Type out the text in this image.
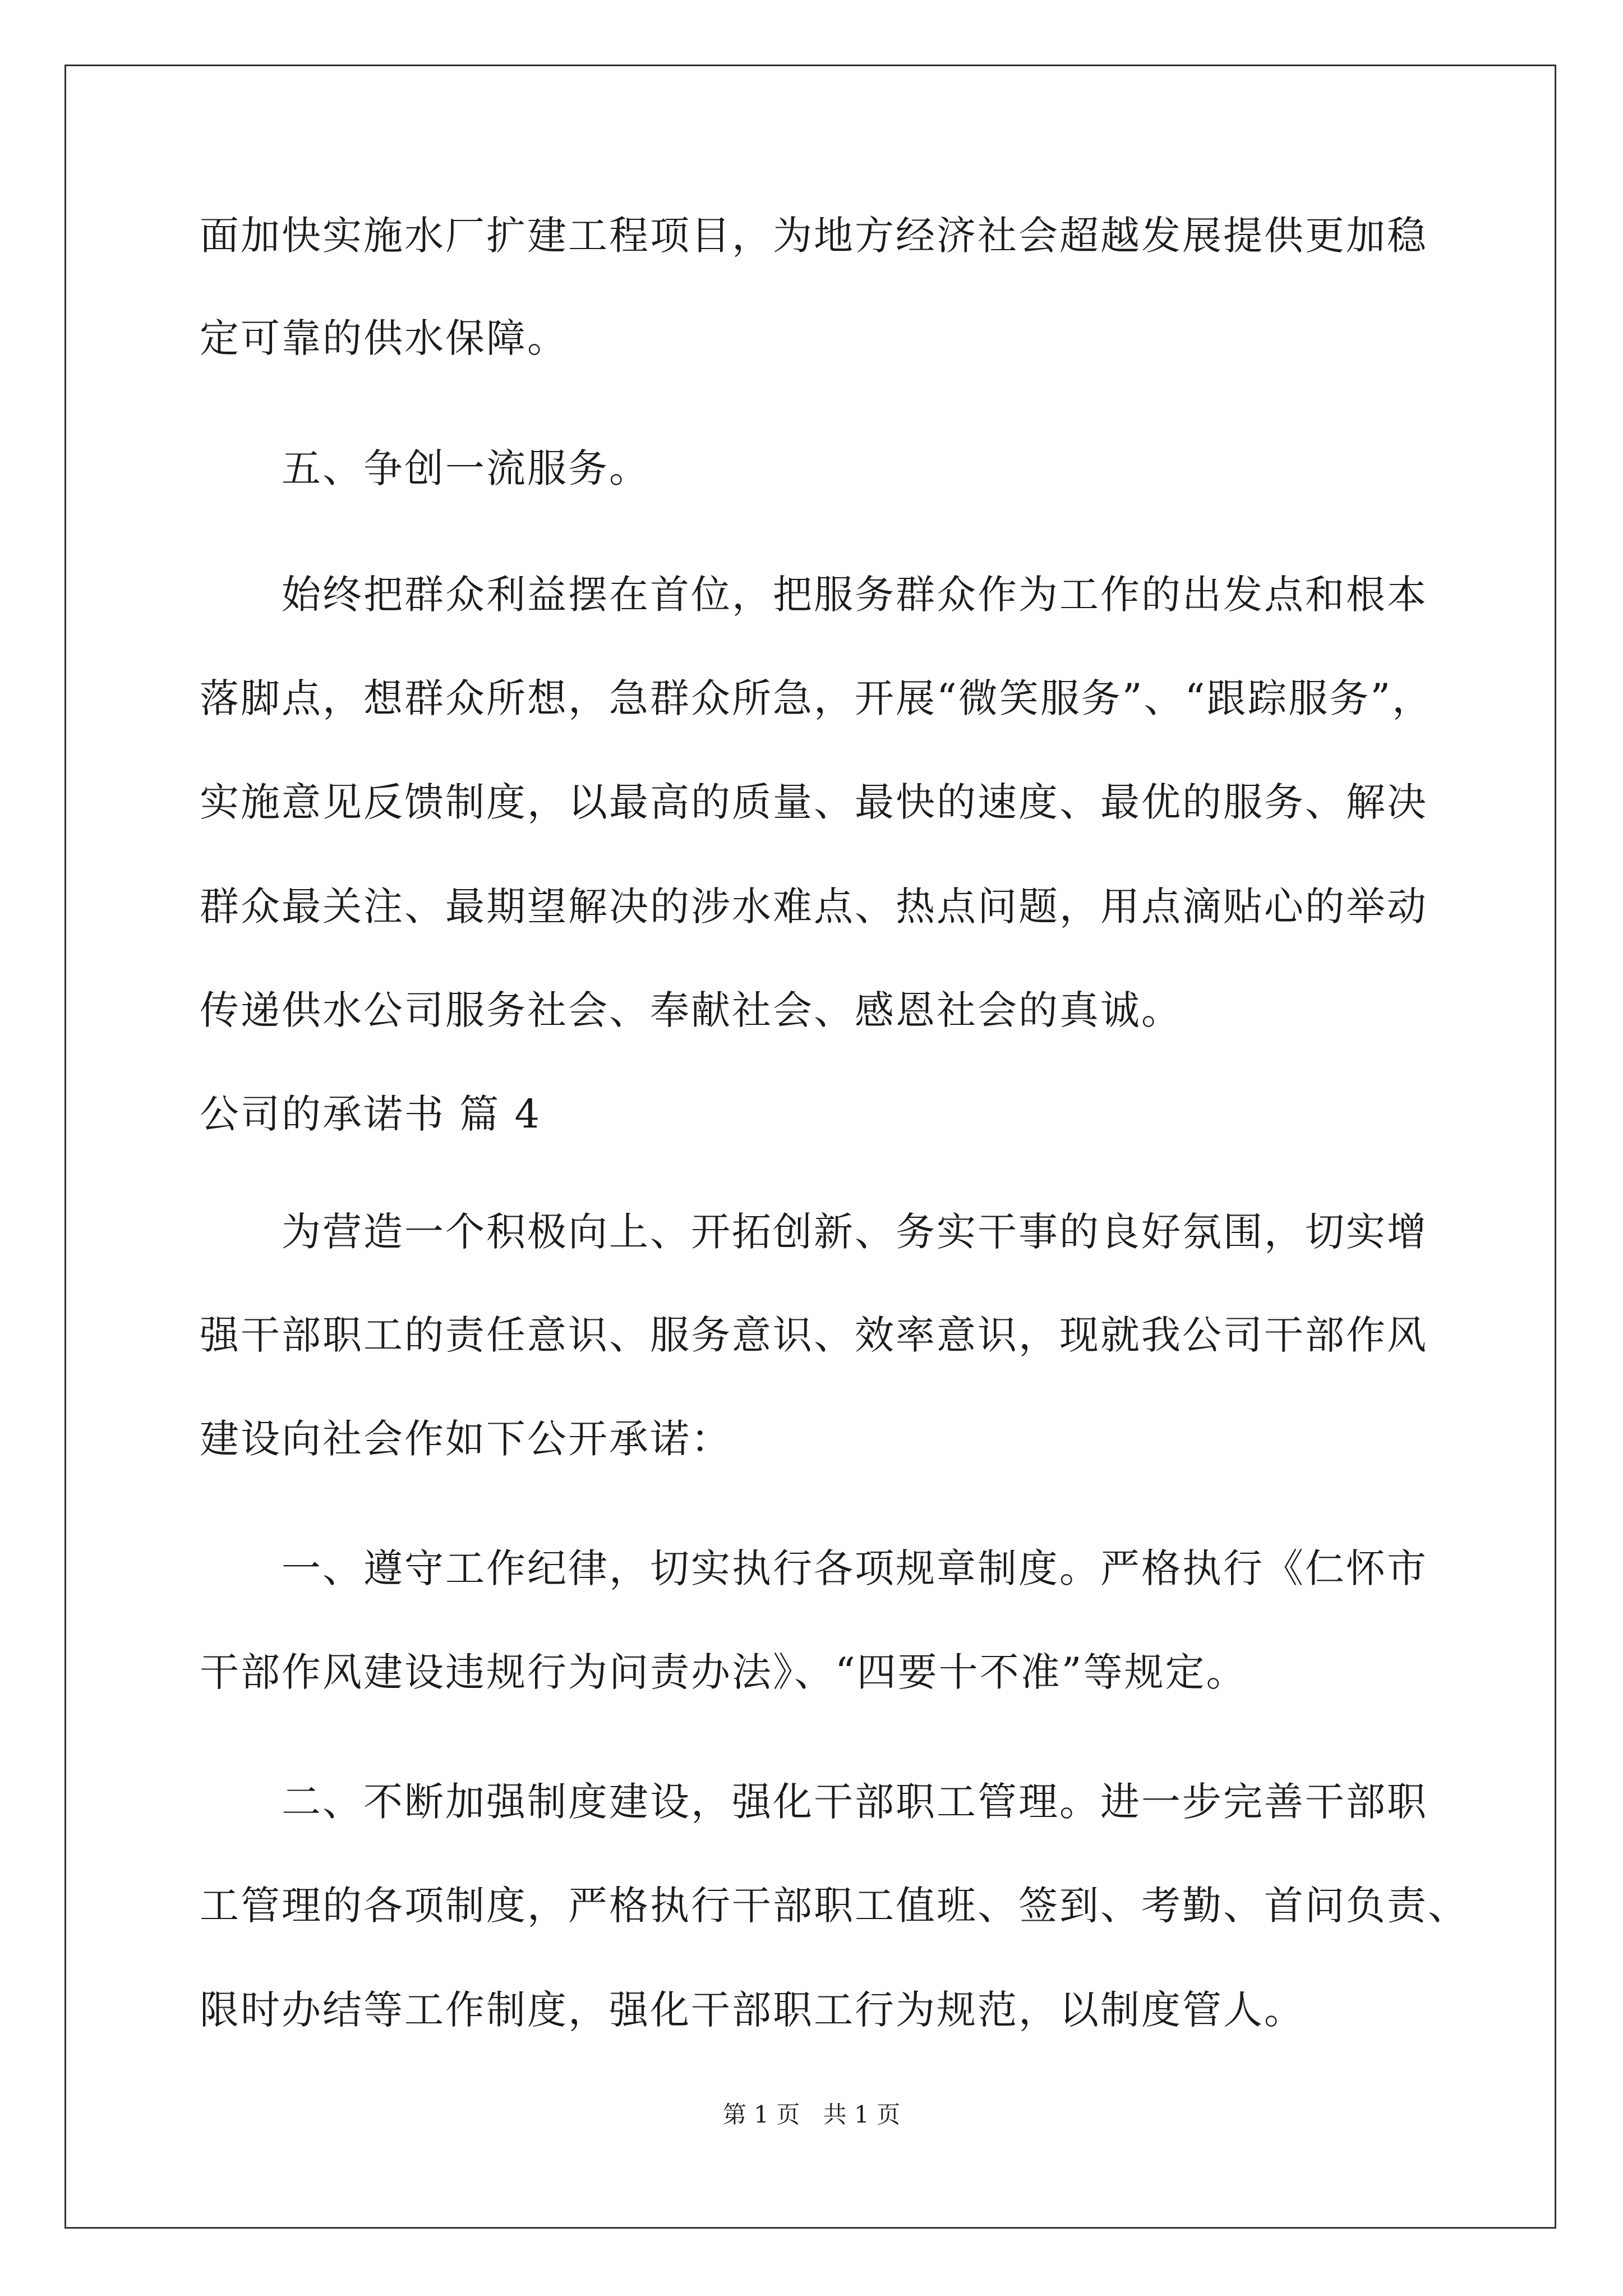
面加快实施水厂扩建工程项目，为地方经济社会超越发展提供更加稳

定可靠的供水保障。

五、争创一流服务。

始终把群众利益摆在首位，把服务群众作为工作的出发点和根本

落脚点，想群众所想，急群众所急，开展“微笑服务”、“跟踪服务”，

实施意见反馈制度，以最高的质量、最快的速度、最优的服务、解决

群众最关注、最期望解决的涉水难点、热点问题，用点滴贴心的举动

传递供水公司服务社会、奉献社会、感恩社会的真诚。

公司的承诺书 篇 4

为营造一个积极向上、开拓创新、务实干事的良好氛围，切实增

强干部职工的责任意识、服务意识、效率意识，现就我公司干部作风

建设向社会作如下公开承诺：

一、遵守工作纪律，切实执行各项规章制度。严格执行《仁怀市

干部作风建设违规行为问责办法》、“四要十不准”等规定。

二、不断加强制度建设，强化干部职工管理。进一步完善干部职

工管理的各项制度，严格执行干部职工值班、签到、考勤、首问负责、

限时办结等工作制度，强化干部职工行为规范，以制度管人。

第 1 页 共 1 页
